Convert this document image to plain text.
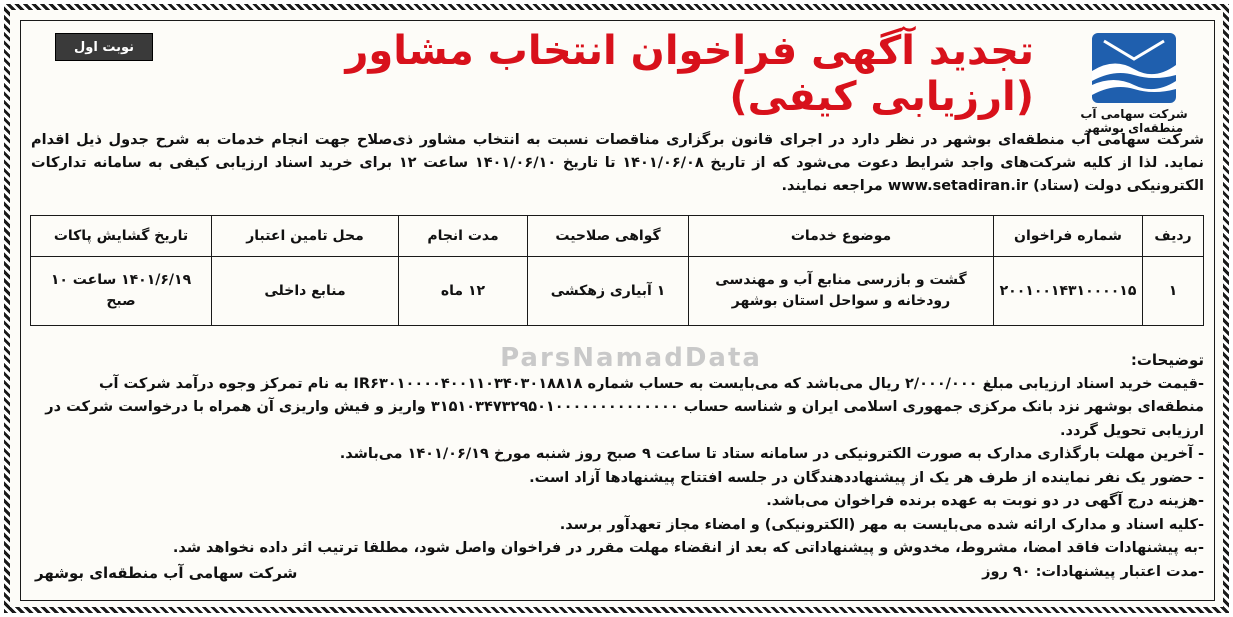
شرکت سهامی آب منطقه‌ای بوشهر
تجدید آگهی فراخوان انتخاب مشاور (ارزیابی کیفی)
نوبت اول
شرکت سهامی آب منطقه‌ای بوشهر در نظر دارد در اجرای قانون برگزاری مناقصات نسبت به انتخاب مشاور ذی‌صلاح جهت انجام خدمات به شرح جدول ذیل اقدام نماید. لذا از کلیه شرکت‌های واجد شرایط دعوت می‌شود که از تاریخ ۱۴۰۱/۰۶/۰۸ تا تاریخ ۱۴۰۱/۰۶/۱۰ ساعت ۱۲ برای خرید اسناد ارزیابی کیفی به سامانه تدارکات الکترونیکی دولت (ستاد) www.setadiran.ir مراجعه نمایند.
ردیف	شماره فراخوان	موضوع خدمات	گواهی صلاحیت	مدت انجام	محل تامین اعتبار	تاریخ گشایش پاکات
۱	۲۰۰۱۰۰۱۴۳۱۰۰۰۰۱۵	گشت و بازرسی منابع آب و مهندسی رودخانه و سواحل استان بوشهر	۱ آبیاری زهکشی	۱۲ ماه	منابع داخلی	۱۴۰۱/۶/۱۹ ساعت ۱۰ صبح
ParsNamadData	توضیحات:
-قیمت خرید اسناد ارزیابی مبلغ ۲/۰۰۰/۰۰۰ ریال می‌باشد که می‌بایست به حساب شماره IR۶۳۰۱۰۰۰۰۴۰۰۱۱۰۳۴۰۳۰۱۸۸۱۸ به نام تمرکز وجوه درآمد شرکت آب منطقه‌ای بوشهر نزد بانک مرکزی جمهوری اسلامی ایران و شناسه حساب ۳۱۵۱۰۳۴۷۳۲۹۵۰۱۰۰۰۰۰۰۰۰۰۰۰۰۰۰ واریز و فیش واریزی آن همراه با درخواست شرکت در ارزیابی تحویل گردد.
- آخرین مهلت بارگذاری مدارک به صورت الکترونیکی در سامانه ستاد تا ساعت ۹ صبح روز شنبه مورخ ۱۴۰۱/۰۶/۱۹ می‌باشد.
- حضور یک نفر نماینده از طرف هر یک از پیشنهاددهندگان در جلسه افتتاح پیشنهادها آزاد است.
-هزینه درج آگهی در دو نوبت به عهده برنده فراخوان می‌باشد.
-کلیه اسناد و مدارک ارائه شده می‌بایست به مهر (الکترونیکی) و امضاء مجاز تعهدآور برسد.
-به پیشنهادات فاقد امضا، مشروط، مخدوش و پیشنهاداتی که بعد از انقضاء مهلت مقرر در فراخوان واصل شود، مطلقا ترتیب اثر داده نخواهد شد.
-مدت اعتبار پیشنهادات: ۹۰ روز
شرکت سهامی آب منطقه‌ای بوشهر
